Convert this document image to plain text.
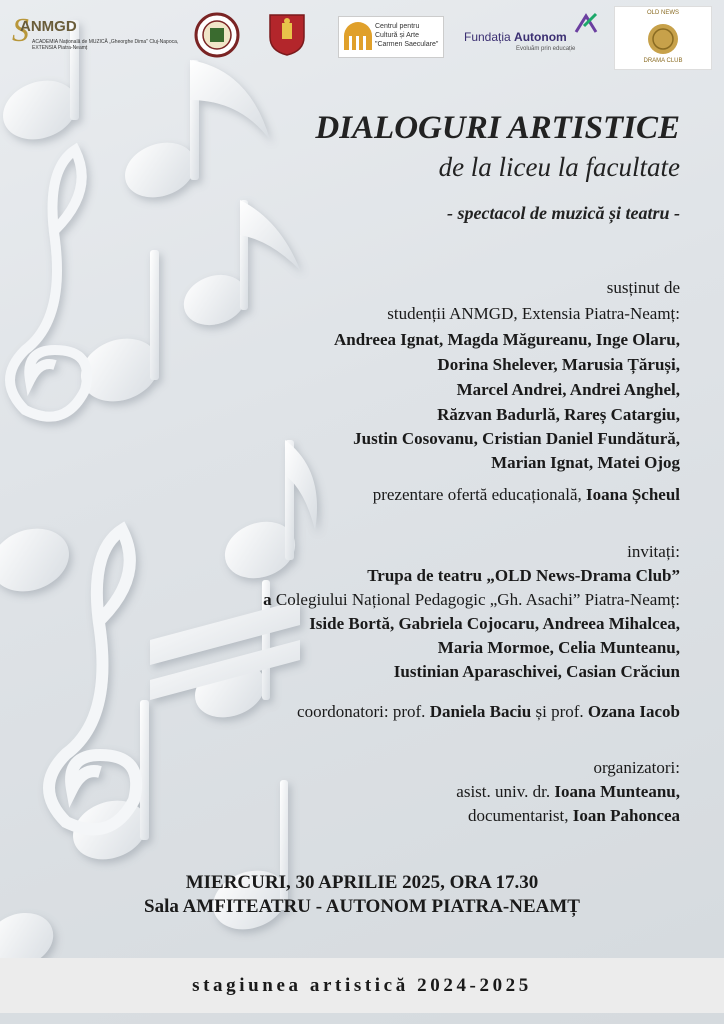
S
ANMGD
ACADEMIA Națională de MUZICĂ „Gheorghe Dima" Cluj-Napoca, EXTENSIA Piatra-Neamț
Centrul pentru Cultură și Arte "Carmen Saeculare"
Fundația Autonom
Evoluăm prin educație
OLD NEWS
DRAMA CLUB
DIALOGURI ARTISTICE
de la liceu la facultate
- spectacol de muzică și teatru -
susținut de
studenții ANMGD, Extensia Piatra-Neamț:
Andreea Ignat, Magda Măgureanu, Inge Olaru,
Dorina Shelever, Marusia Țăruși,
Marcel Andrei, Andrei Anghel,
Răzvan Badurlă, Rareș Catargiu,
Justin Cosovanu, Cristian Daniel Fundătură,
Marian Ignat, Matei Ojog
prezentare ofertă educațională, Ioana Șcheul
invitați:
Trupa de teatru „OLD News-Drama Club”
a Colegiului Național Pedagogic „Gh. Asachi” Piatra-Neamț:
Iside Bortă, Gabriela Cojocaru, Andreea Mihalcea,
Maria Mormoe, Celia Munteanu,
Iustinian Aparaschivei, Casian Crăciun
coordonatori: prof. Daniela Baciu și prof. Ozana Iacob
organizatori:
asist. univ. dr. Ioana Munteanu,
documentarist, Ioan Pahoncea
MIERCURI, 30 APRILIE 2025, ORA 17.30
Sala AMFITEATRU - AUTONOM PIATRA-NEAMȚ
stagiunea artistică 2024-2025
